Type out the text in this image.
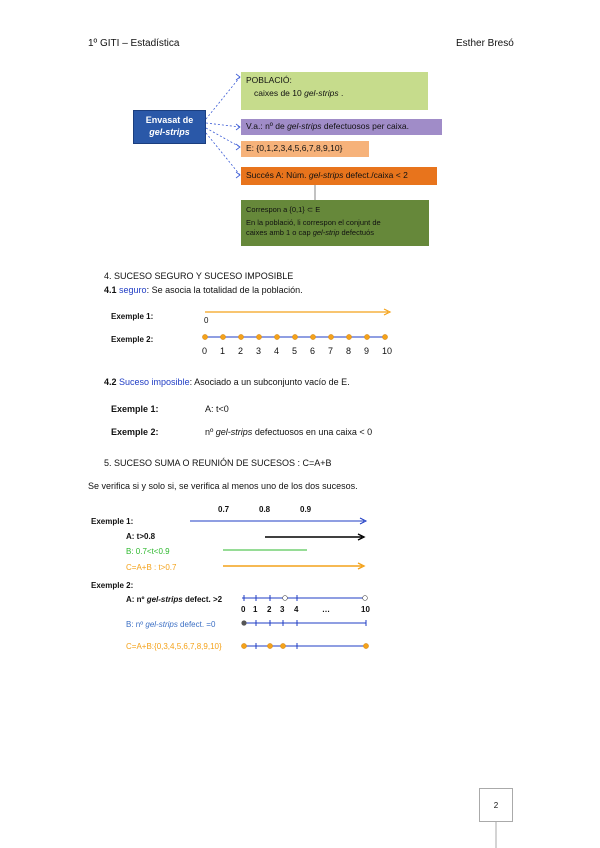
1º GITI – Estadística	Esther Bresó
Envasat de
gel-strips
POBLACIÓ:
caixes de 10 gel-strips .
V.a.: nº de gel-strips defectuosos per caixa.
E: {0,1,2,3,4,5,6,7,8,9,10}
Succés A: Núm. gel-strips defect./caixa < 2
Correspon a {0,1} ⊂ E
En la població, li correspon el conjunt de
caixes amb 1 o cap gel-strip defectuós
4. SUCESO SEGURO Y SUCESO IMPOSIBLE
4.1 seguro: Se asocia la totalidad de la población.
Exemple 1:	0
Exemple 2:
0 1 2 3 4 5 6 7 8 9 10
4.2 Suceso imposible: Asociado a un subconjunto vacío de E.
Exemple 1:	A: t<0
Exemple 2:	nº gel-strips defectuosos en una caixa < 0
5. SUCESO SUMA O REUNIÓN DE SUCESOS : C=A+B
Se verifica si y solo si, se verifica al menos uno de los dos sucesos.
0.7	0.8	0.9
Exemple 1:
A: t>0.8
B: 0.7<t<0.9
C=A+B : t>0.7
Exemple 2:
A: nº gel-strips defect. >2
0 1 2 3 4	…	10
B: nº gel-strips defect. =0
C=A+B:{0,3,4,5,6,7,8,9,10}
2
